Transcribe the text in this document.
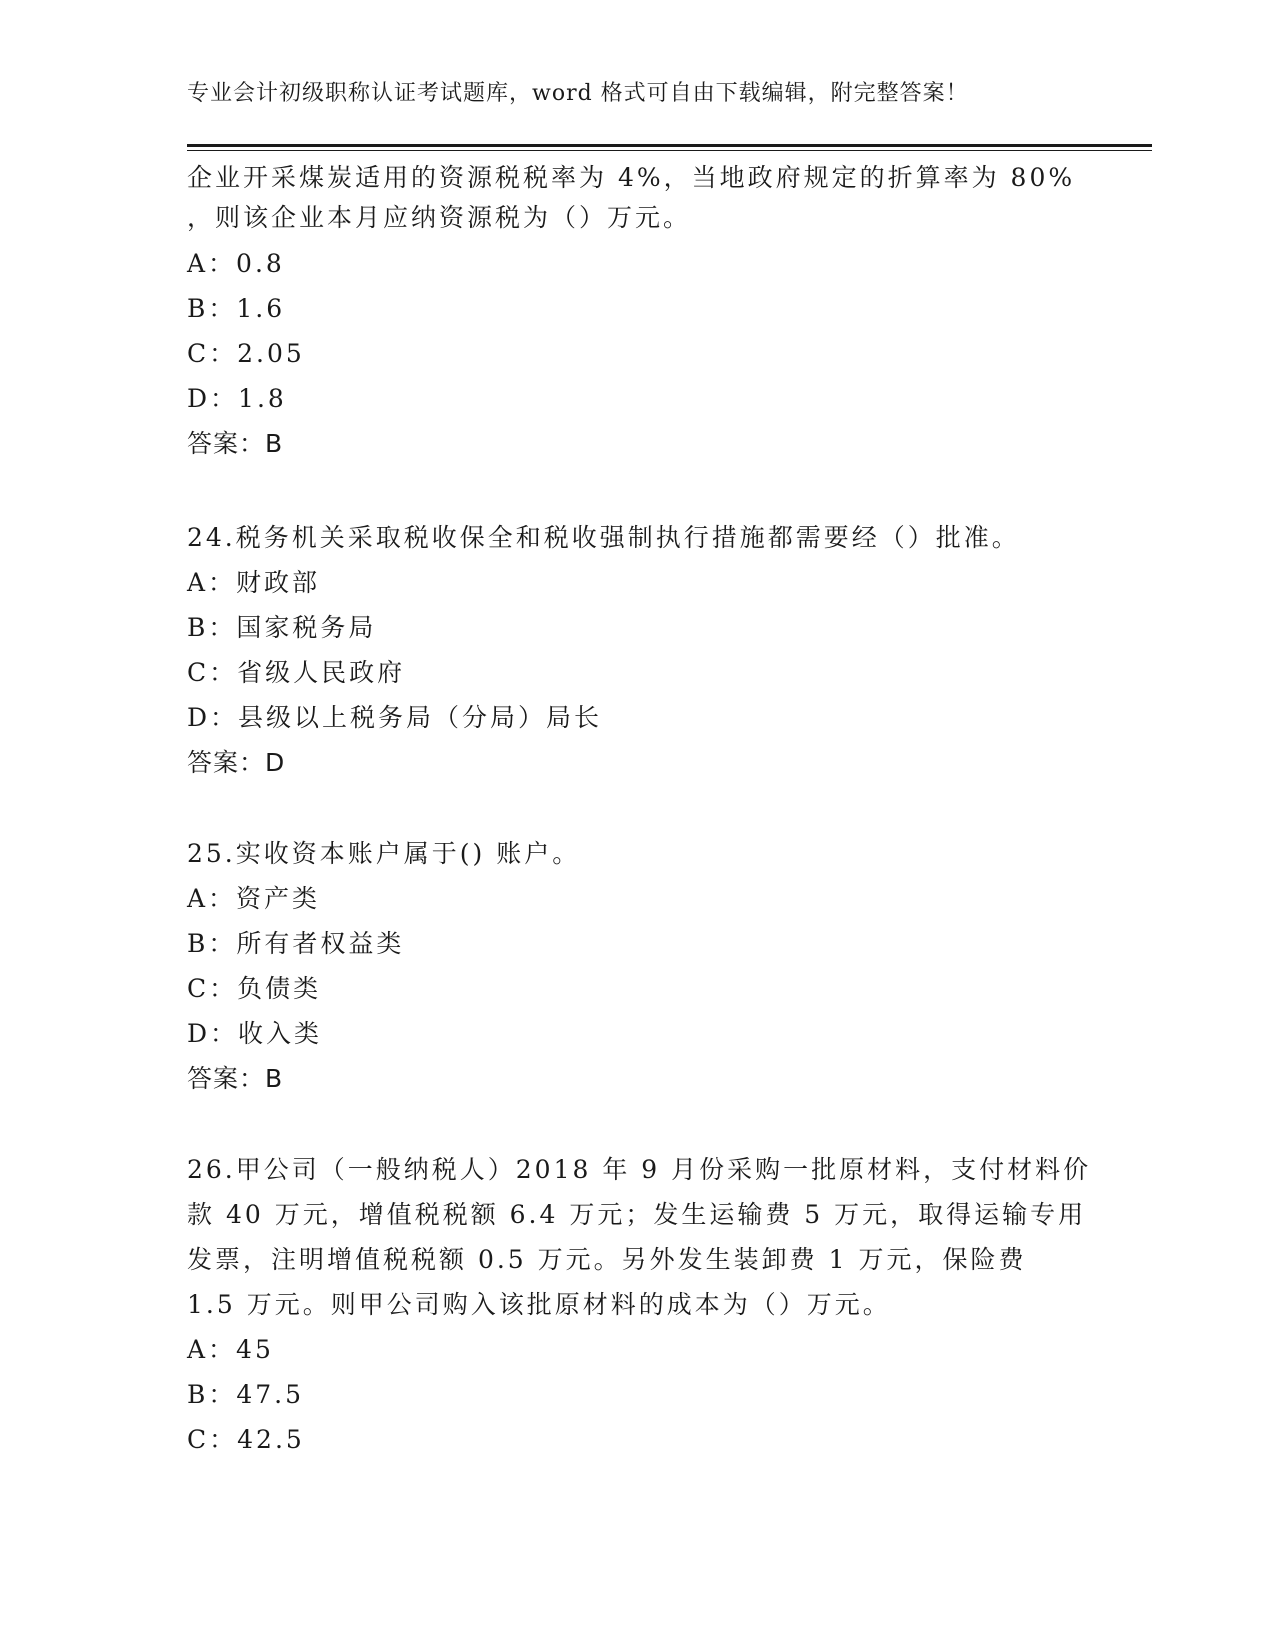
专业会计初级职称认证考试题库，word 格式可自由下载编辑，附完整答案！
企业开采煤炭适用的资源税税率为 4%，当地政府规定的折算率为 80%
，则该企业本月应纳资源税为（）万元。
A：0.8
B：1.6
C：2.05
D：1.8
答案：B
24.税务机关采取税收保全和税收强制执行措施都需要经（）批准。
A：财政部
B：国家税务局
C：省级人民政府
D：县级以上税务局（分局）局长
答案：D
25.实收资本账户属于() 账户。
A：资产类
B：所有者权益类
C：负债类
D：收入类
答案：B
26.甲公司（一般纳税人）2018 年 9 月份采购一批原材料，支付材料价
款 40 万元，增值税税额 6.4 万元；发生运输费 5 万元，取得运输专用
发票，注明增值税税额 0.5 万元。另外发生装卸费 1 万元，保险费
1.5 万元。则甲公司购入该批原材料的成本为（）万元。
A：45
B：47.5
C：42.5
